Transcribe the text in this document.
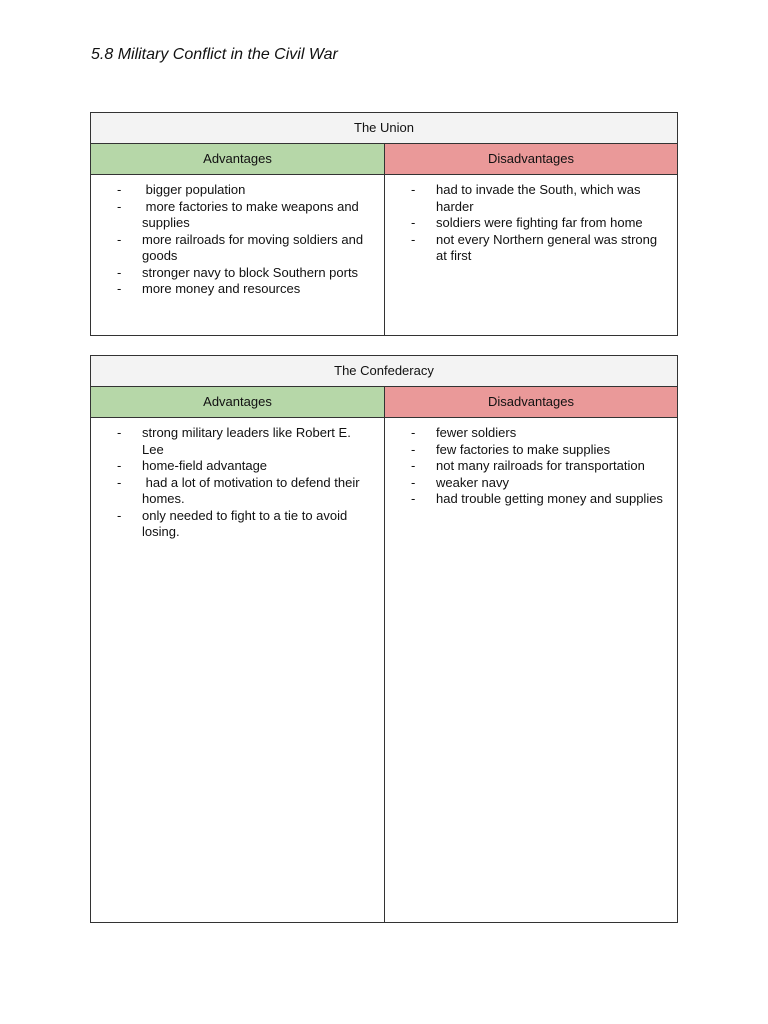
5.8 Military Conflict in the Civil War
The Union
Advantages	Disadvantages
- bigger population
- more factories to make weapons and supplies
- more railroads for moving soldiers and goods
- stronger navy to block Southern ports
- more money and resources
- had to invade the South, which was harder
- soldiers were fighting far from home
- not every Northern general was strong at first
The Confederacy
Advantages	Disadvantages
- strong military leaders like Robert E. Lee
- home-field advantage
- had a lot of motivation to defend their homes.
- only needed to fight to a tie to avoid losing.
- fewer soldiers
- few factories to make supplies
- not many railroads for transportation
- weaker navy
- had trouble getting money and supplies
